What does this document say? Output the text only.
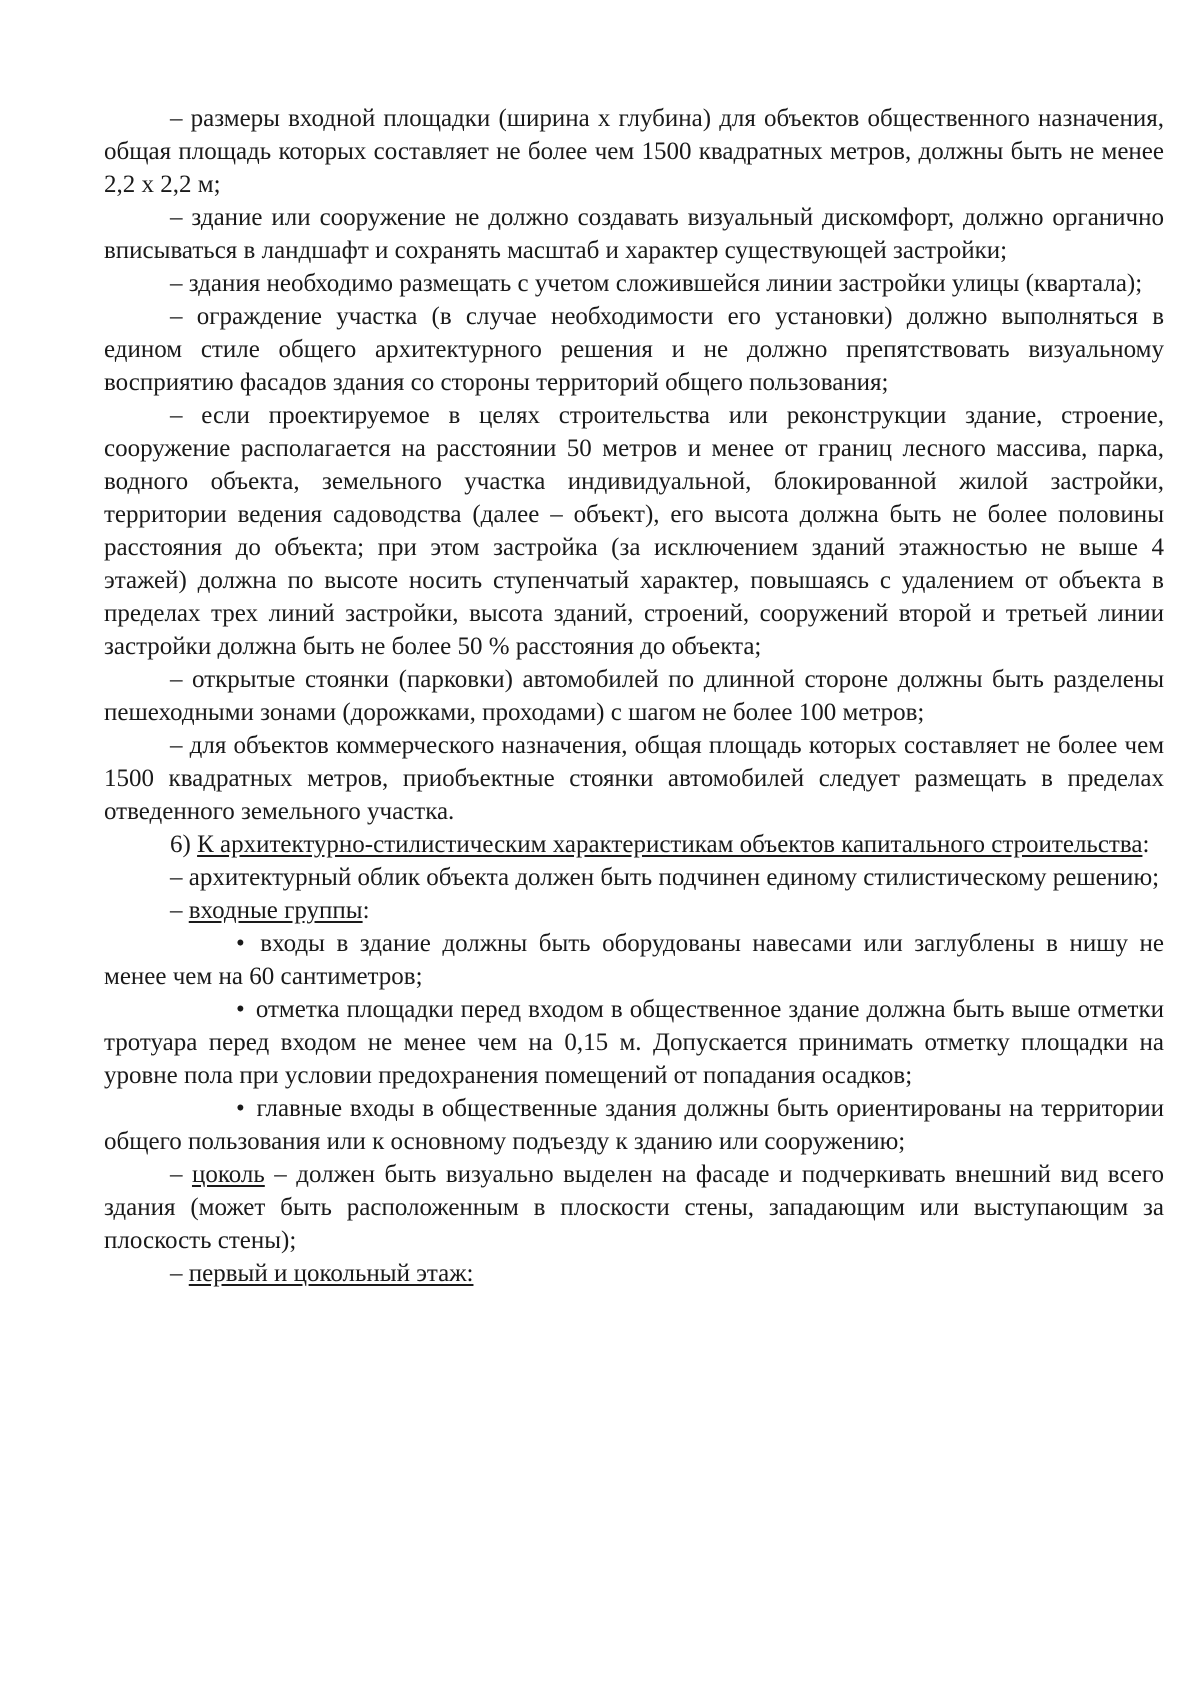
– размеры входной площадки (ширина х глубина) для объектов общественного назначения, общая площадь которых составляет не более чем 1500 квадратных метров, должны быть не менее 2,2 х 2,2 м;

– здание или сооружение не должно создавать визуальный дискомфорт, должно органично вписываться в ландшафт и сохранять масштаб и характер существующей застройки;

– здания необходимо размещать с учетом сложившейся линии застройки улицы (квартала);

– ограждение участка (в случае необходимости его установки) должно выполняться в едином стиле общего архитектурного решения и не должно препятствовать визуальному восприятию фасадов здания со стороны территорий общего пользования;

– если проектируемое в целях строительства или реконструкции здание, строение, сооружение располагается на расстоянии 50 метров и менее от границ лесного массива, парка, водного объекта, земельного участка индивидуальной, блокированной жилой застройки, территории ведения садоводства (далее – объект), его высота должна быть не более половины расстояния до объекта; при этом застройка (за исключением зданий этажностью не выше 4 этажей) должна по высоте носить ступенчатый характер, повышаясь с удалением от объекта в пределах трех линий застройки, высота зданий, строений, сооружений второй и третьей линии застройки должна быть не более 50 % расстояния до объекта;

– открытые стоянки (парковки) автомобилей по длинной стороне должны быть разделены пешеходными зонами (дорожками, проходами) с шагом не более 100 метров;

– для объектов коммерческого назначения, общая площадь которых составляет не более чем 1500 квадратных метров, приобъектные стоянки автомобилей следует размещать в пределах отведенного земельного участка.

6) К архитектурно-стилистическим характеристикам объектов капитального строительства:

– архитектурный облик объекта должен быть подчинен единому стилистическому решению;

– входные группы:

• входы в здание должны быть оборудованы навесами или заглублены в нишу не менее чем на 60 сантиметров;

• отметка площадки перед входом в общественное здание должна быть выше отметки тротуара перед входом не менее чем на 0,15 м. Допускается принимать отметку площадки на уровне пола при условии предохранения помещений от попадания осадков;

• главные входы в общественные здания должны быть ориентированы на территории общего пользования или к основному подъезду к зданию или сооружению;

– цоколь – должен быть визуально выделен на фасаде и подчеркивать внешний вид всего здания (может быть расположенным в плоскости стены, западающим или выступающим за плоскость стены);

– первый и цокольный этаж:
